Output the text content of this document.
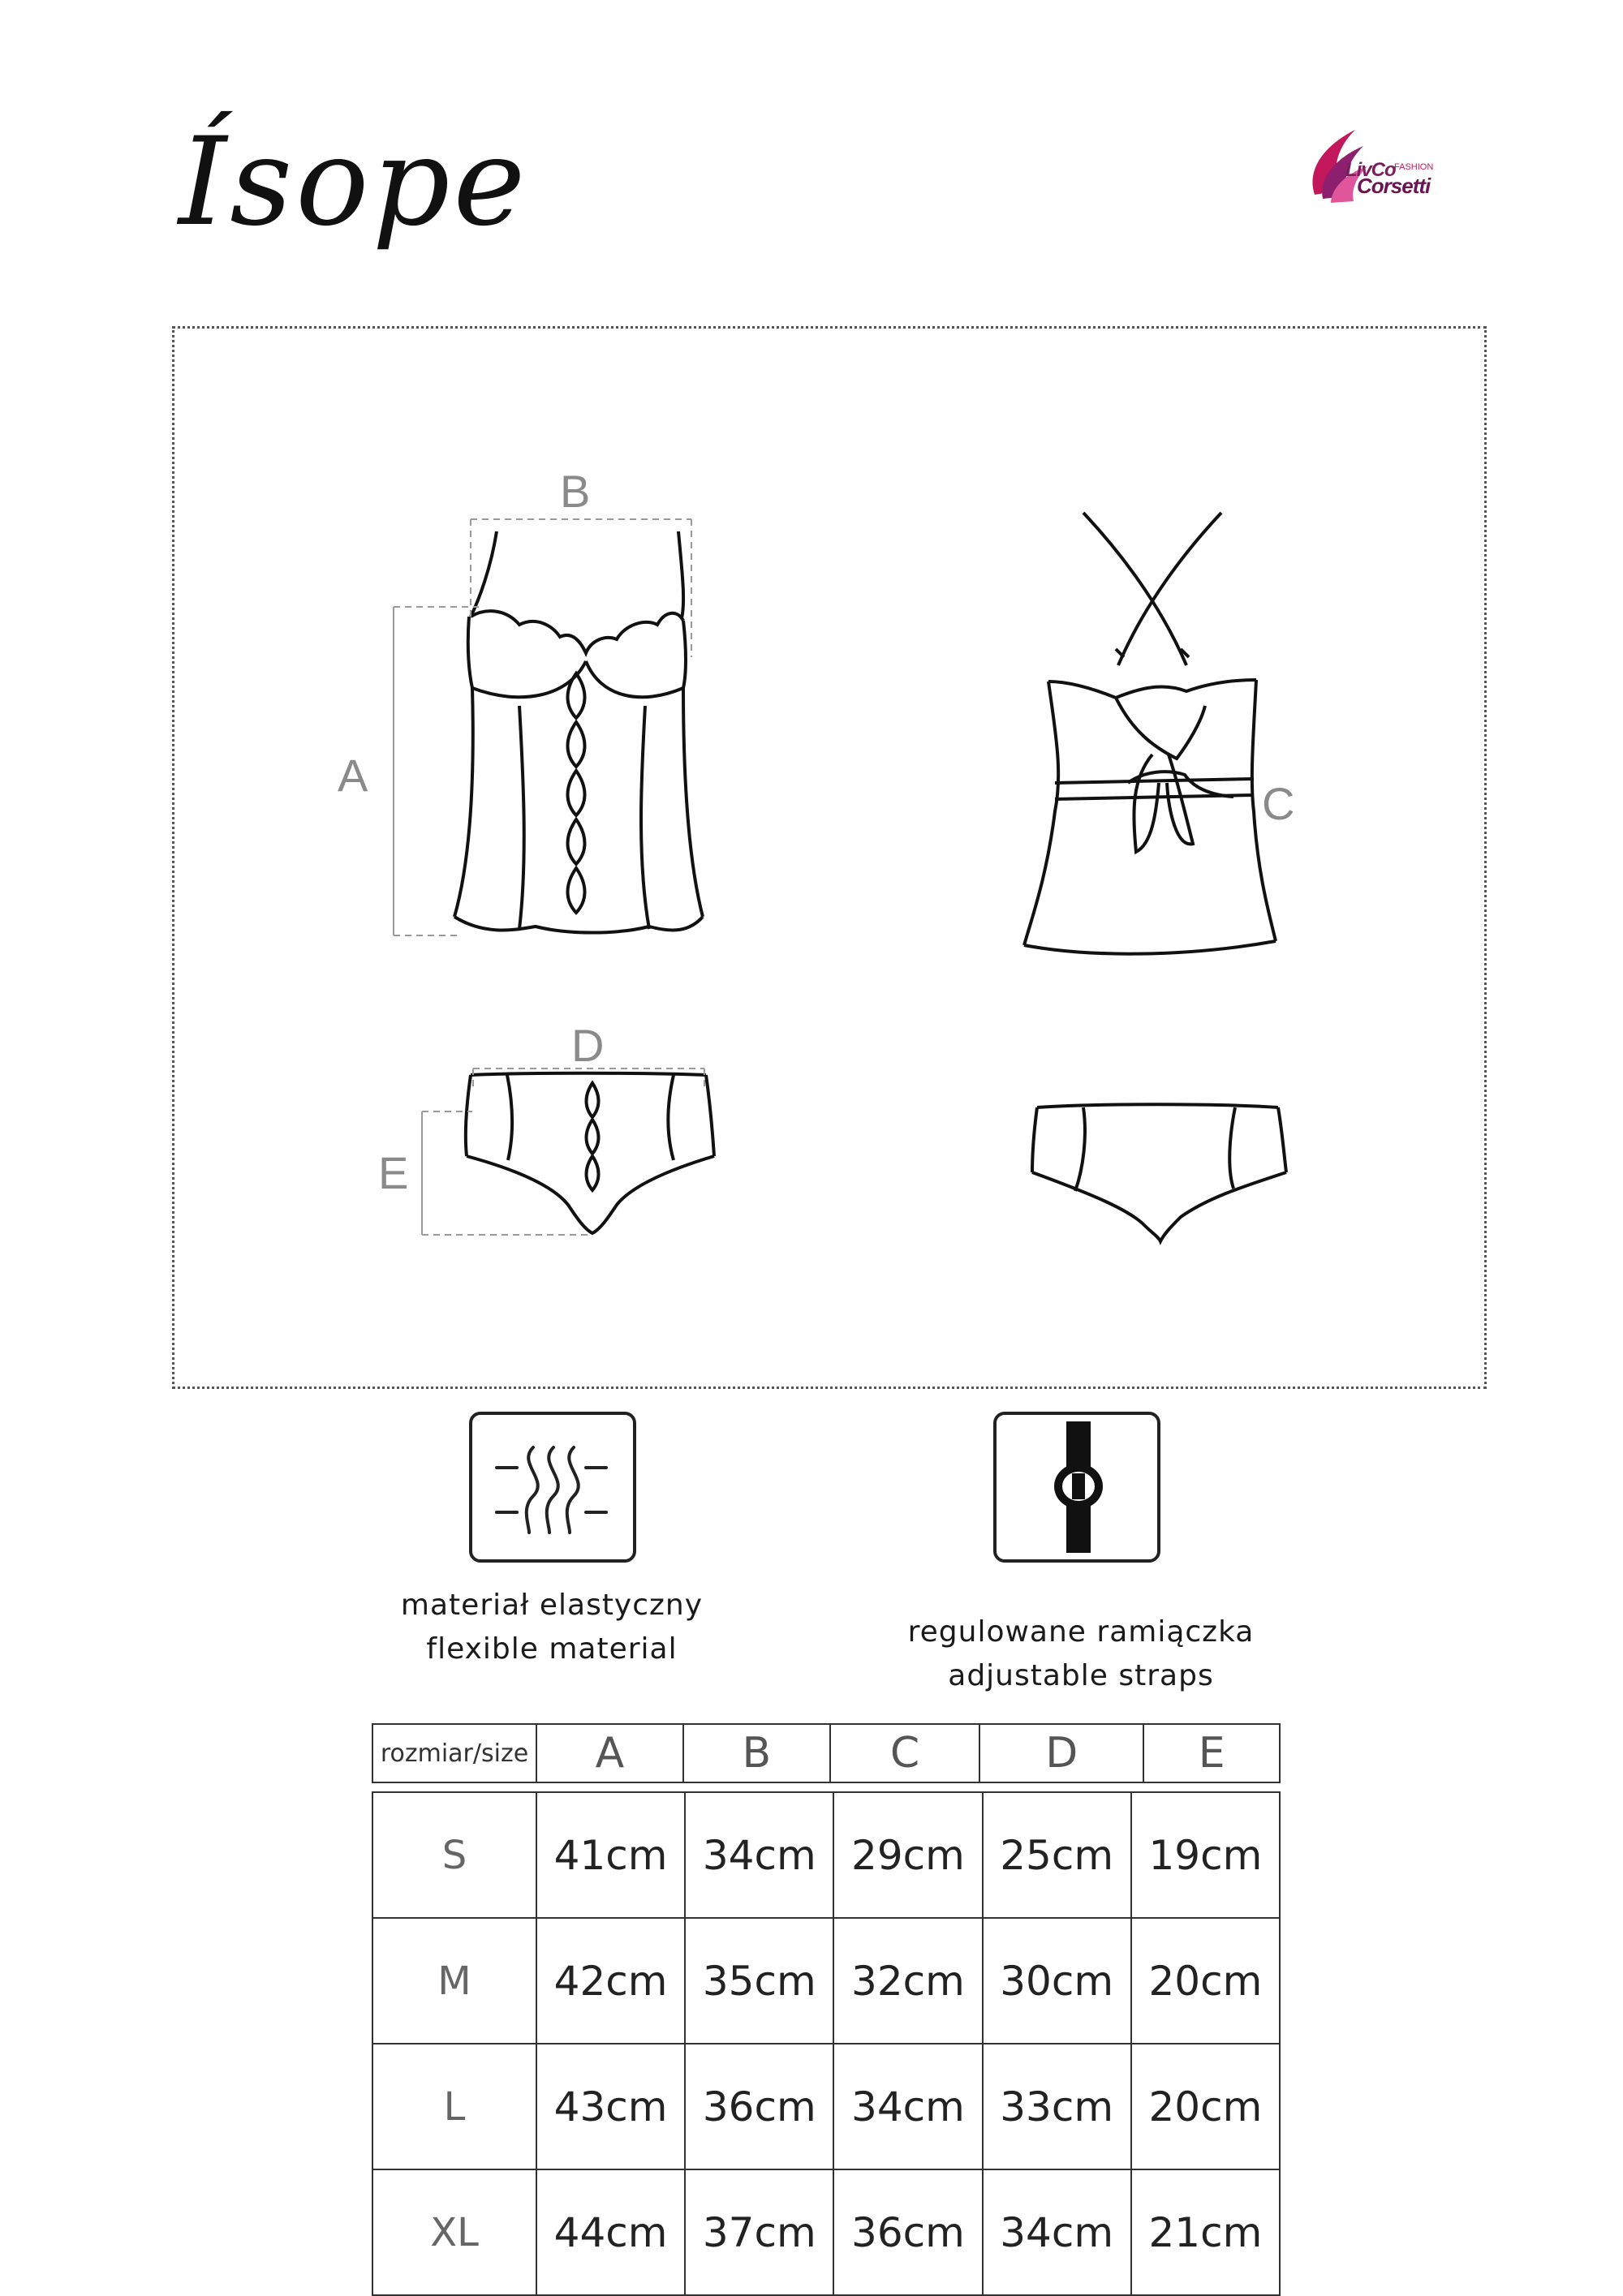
Ísope	LivCo
FASHION
Corsetti
B
A
C
D
E
materiał elastyczny
flexible material
regulowane ramiączka
adjustable straps
rozmiar/size	A	B	C	D	E
S	41cm	34cm	29cm	25cm	19cm
M	42cm	35cm	32cm	30cm	20cm
L	43cm	36cm	34cm	33cm	20cm
XL	44cm	37cm	36cm	34cm	21cm
